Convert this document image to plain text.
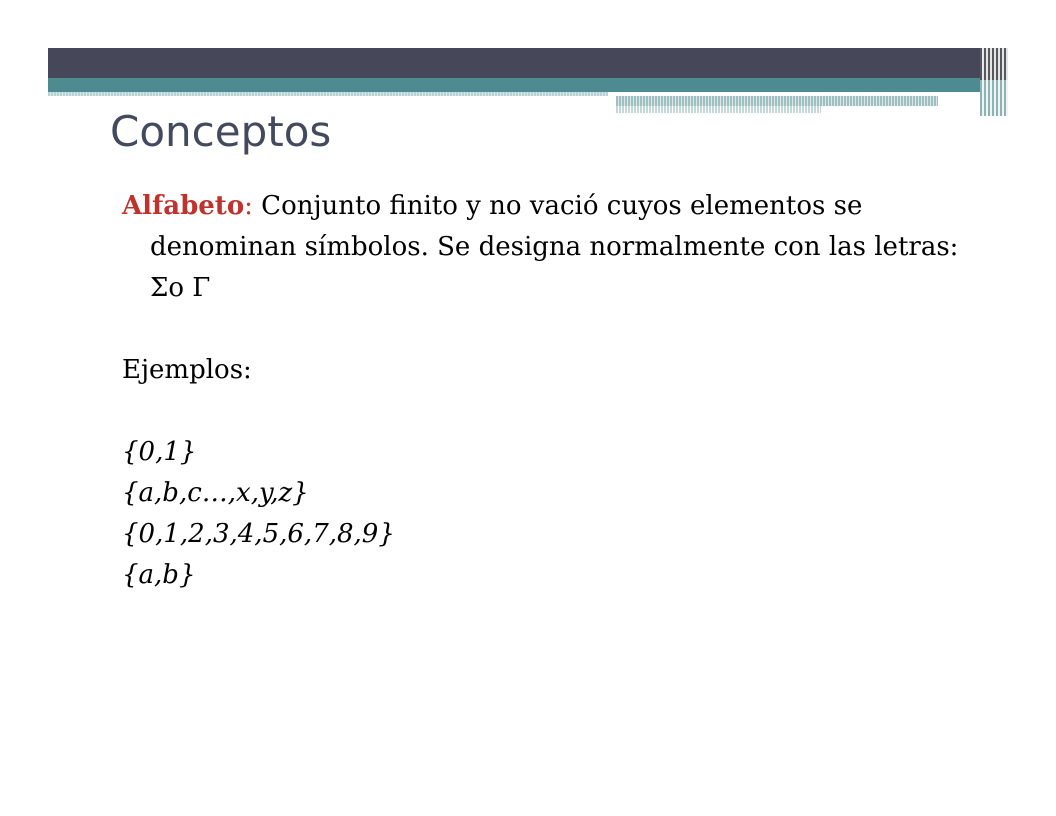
Conceptos

Alfabeto: Conjunto finito y no vació cuyos elementos se denominan símbolos. Se designa normalmente con las letras: Σo Γ

Ejemplos:

{0,1}

{a,b,c…,x,y,z}

{0,1,2,3,4,5,6,7,8,9}

{a,b}
